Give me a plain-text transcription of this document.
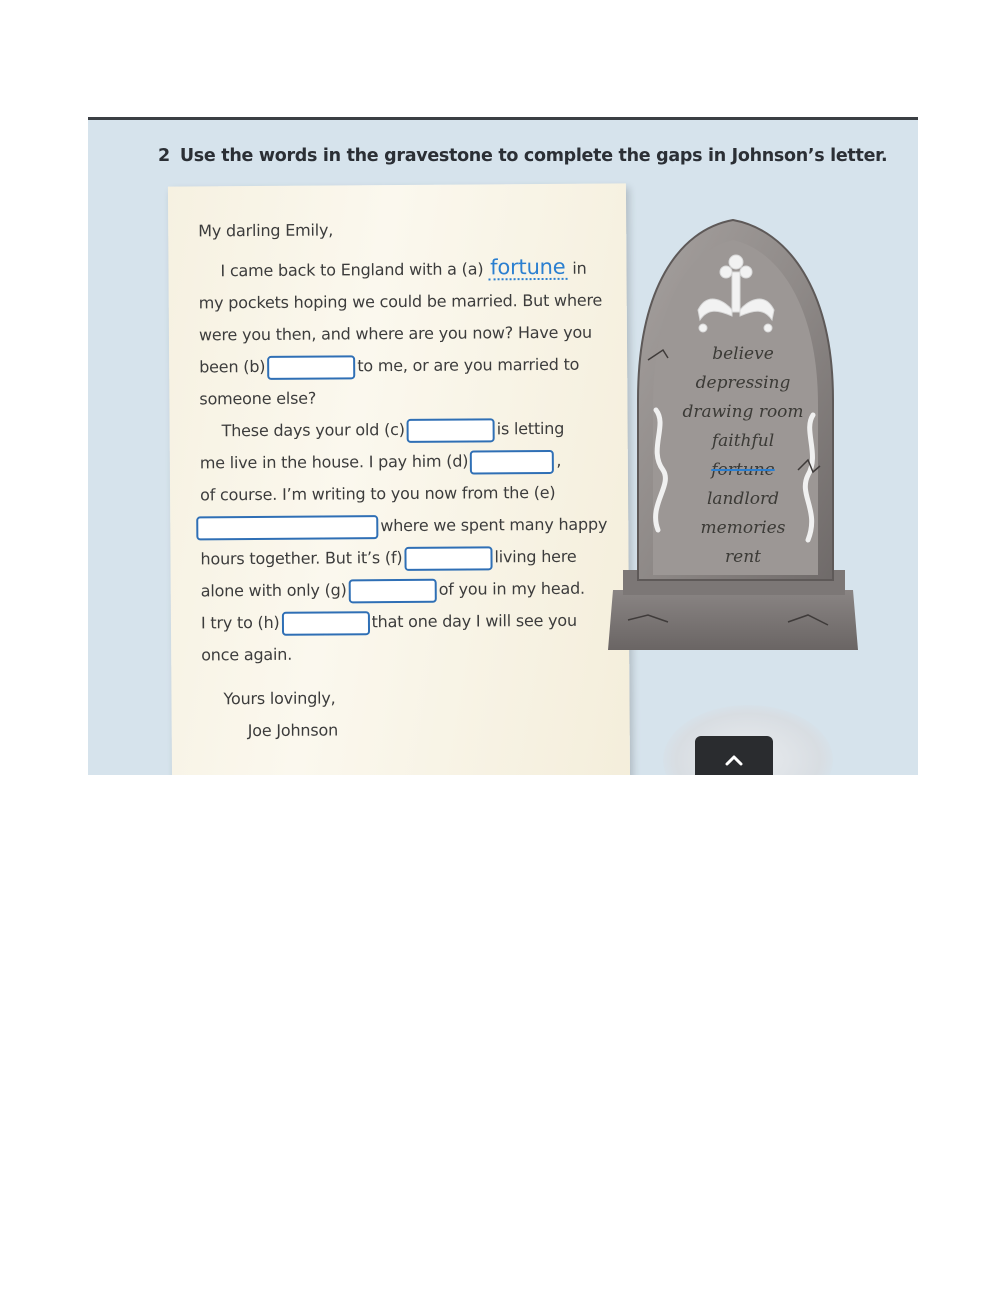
2 Use the words in the gravestone to complete the gaps in Johnson’s letter.
My darling Emily,
I came back to England with a (a) fortune in
my pockets hoping we could be married. But where
were you then, and where are you now? Have you
been (b)	to me, or are you married to
someone else?
These days your old (c)	is letting
me live in the house. I pay him (d)	,
of course. I’m writing to you now from the (e)
where we spent many happy
hours together. But it’s (f)	living here
alone with only (g)	of you in my head.
I try to (h)	that one day I will see you
once again.
Yours lovingly,
Joe Johnson
believe
depressing
drawing room
faithful
fortune
landlord
memories
rent
